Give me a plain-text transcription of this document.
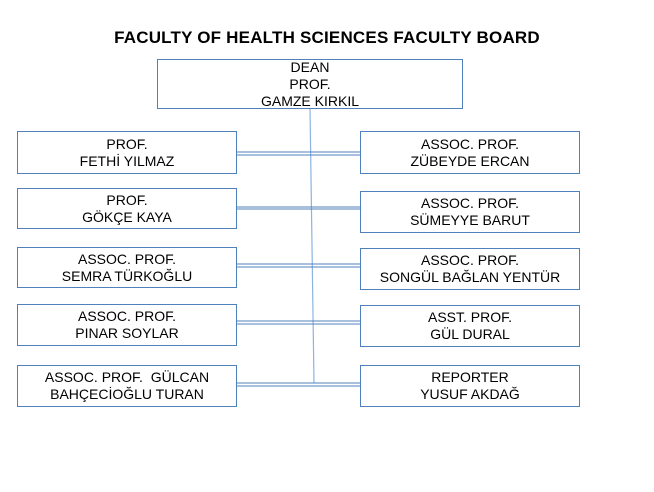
FACULTY OF HEALTH SCIENCES FACULTY BOARD
DEAN
PROF.
GAMZE KIRKIL
PROF.
FETHİ YILMAZ
PROF.
GÖKÇE KAYA
ASSOC. PROF.
SEMRA TÜRKOĞLU
ASSOC. PROF.
PINAR SOYLAR
ASSOC. PROF.  GÜLCAN
BAHÇECİOĞLU TURAN
ASSOC. PROF.
ZÜBEYDE ERCAN
ASSOC. PROF.
SÜMEYYE BARUT
ASSOC. PROF.
SONGÜL BAĞLAN YENTÜR
ASST. PROF.
GÜL DURAL
REPORTER
YUSUF AKDAĞ
